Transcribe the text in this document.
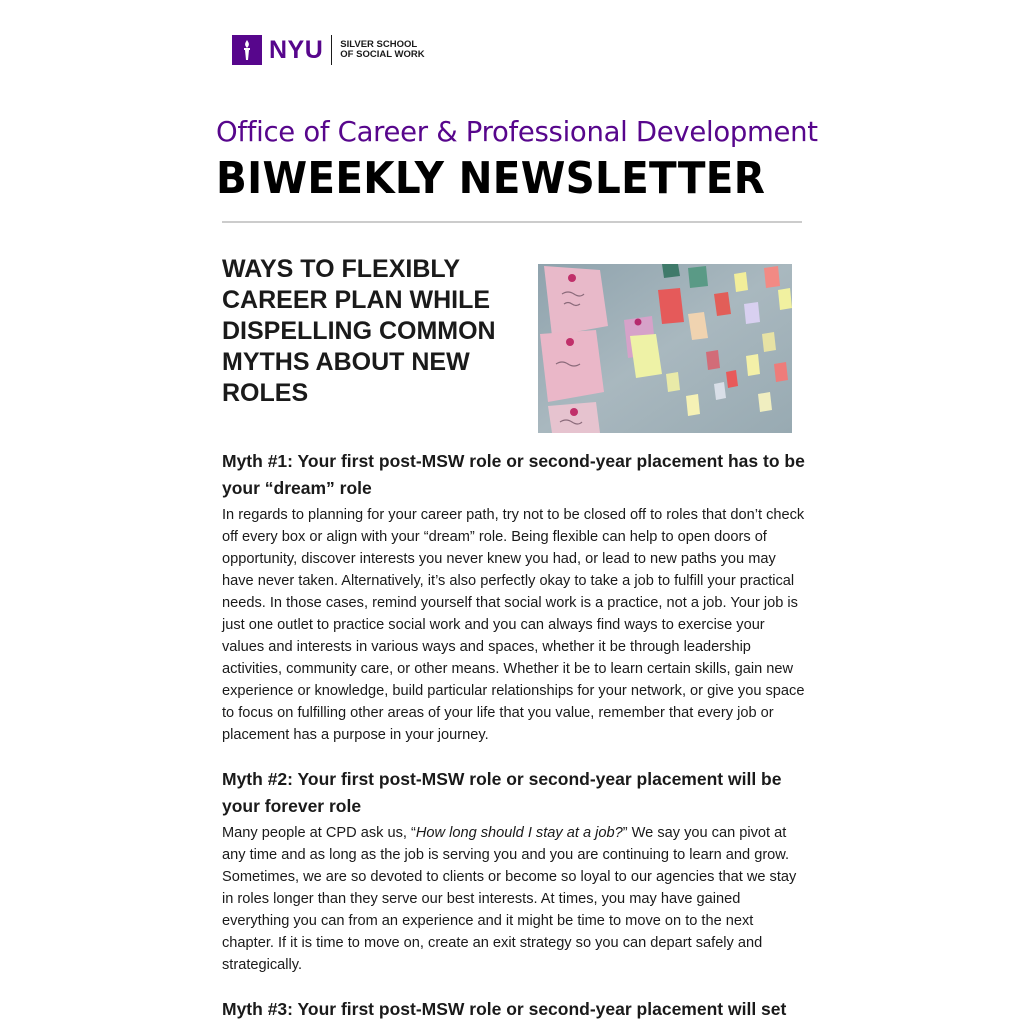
NYU SILVER SCHOOL
OF SOCIAL WORK
Office of Career & Professional Development
BIWEEKLY NEWSLETTER
WAYS TO FLEXIBLY
CAREER PLAN WHILE
DISPELLING COMMON
MYTHS ABOUT NEW
ROLES
Myth #1: Your first post-MSW role or second-year placement has to be your “dream” role
In regards to planning for your career path, try not to be closed off to roles that don’t check off every box or align with your “dream” role. Being flexible can help to open doors of opportunity, discover interests you never knew you had, or lead to new paths you may have never taken. Alternatively, it’s also perfectly okay to take a job to fulfill your practical needs. In those cases, remind yourself that social work is a practice, not a job. Your job is just one outlet to practice social work and you can always find ways to exercise your values and interests in various ways and spaces, whether it be through leadership activities, community care, or other means. Whether it be to learn certain skills, gain new experience or knowledge, build particular relationships for your network, or give you space to focus on fulfilling other areas of your life that you value, remember that every job or placement has a purpose in your journey.
Myth #2: Your first post-MSW role or second-year placement will be your forever role
Many people at CPD ask us, “How long should I stay at a job?” We say you can pivot at any time and as long as the job is serving you and you are continuing to learn and grow. Sometimes, we are so devoted to clients or become so loyal to our agencies that we stay in roles longer than they serve our best interests. At times, you may have gained everything you can from an experience and it might be time to move on to the next chapter. If it is time to move on, create an exit strategy so you can depart safely and strategically.
Myth #3: Your first post-MSW role or second-year placement will set
